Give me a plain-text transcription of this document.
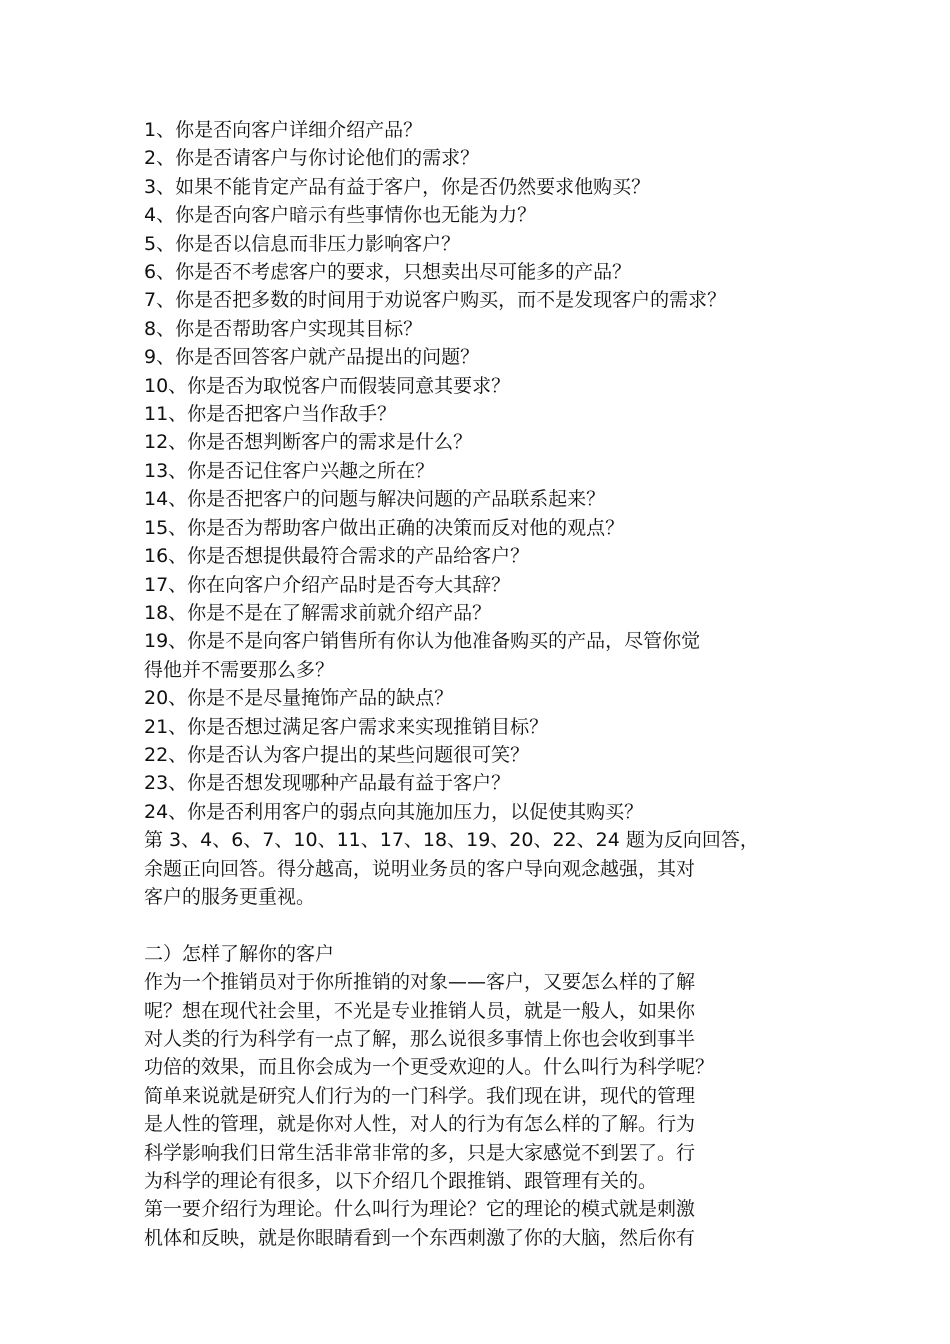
1、你是否向客户详细介绍产品？
2、你是否请客户与你讨论他们的需求？
3、如果不能肯定产品有益于客户，你是否仍然要求他购买？
4、你是否向客户暗示有些事情你也无能为力？
5、你是否以信息而非压力影响客户？
6、你是否不考虑客户的要求，只想卖出尽可能多的产品？
7、你是否把多数的时间用于劝说客户购买，而不是发现客户的需求？
8、你是否帮助客户实现其目标？
9、你是否回答客户就产品提出的问题？
10、你是否为取悦客户而假装同意其要求？
11、你是否把客户当作敌手？
12、你是否想判断客户的需求是什么？
13、你是否记住客户兴趣之所在？
14、你是否把客户的问题与解决问题的产品联系起来？
15、你是否为帮助客户做出正确的决策而反对他的观点？
16、你是否想提供最符合需求的产品给客户？
17、你在向客户介绍产品时是否夸大其辞？
18、你是不是在了解需求前就介绍产品？
19、你是不是向客户销售所有你认为他准备购买的产品，尽管你觉
得他并不需要那么多？
20、你是不是尽量掩饰产品的缺点？
21、你是否想过满足客户需求来实现推销目标？
22、你是否认为客户提出的某些问题很可笑？
23、你是否想发现哪种产品最有益于客户？
24、你是否利用客户的弱点向其施加压力，以促使其购买？
第 3、4、6、7、10、11、17、18、19、20、22、24 题为反向回答，
余题正向回答。得分越高，说明业务员的客户导向观念越强，其对
客户的服务更重视。
二）怎样了解你的客户
作为一个推销员对于你所推销的对象——客户，又要怎么样的了解
呢？想在现代社会里，不光是专业推销人员，就是一般人，如果你
对人类的行为科学有一点了解，那么说很多事情上你也会收到事半
功倍的效果，而且你会成为一个更受欢迎的人。什么叫行为科学呢？
简单来说就是研究人们行为的一门科学。我们现在讲，现代的管理
是人性的管理，就是你对人性，对人的行为有怎么样的了解。行为
科学影响我们日常生活非常非常的多，只是大家感觉不到罢了。行
为科学的理论有很多，以下介绍几个跟推销、跟管理有关的。
第一要介绍行为理论。什么叫行为理论？它的理论的模式就是刺激
机体和反映，就是你眼睛看到一个东西刺激了你的大脑，然后你有
